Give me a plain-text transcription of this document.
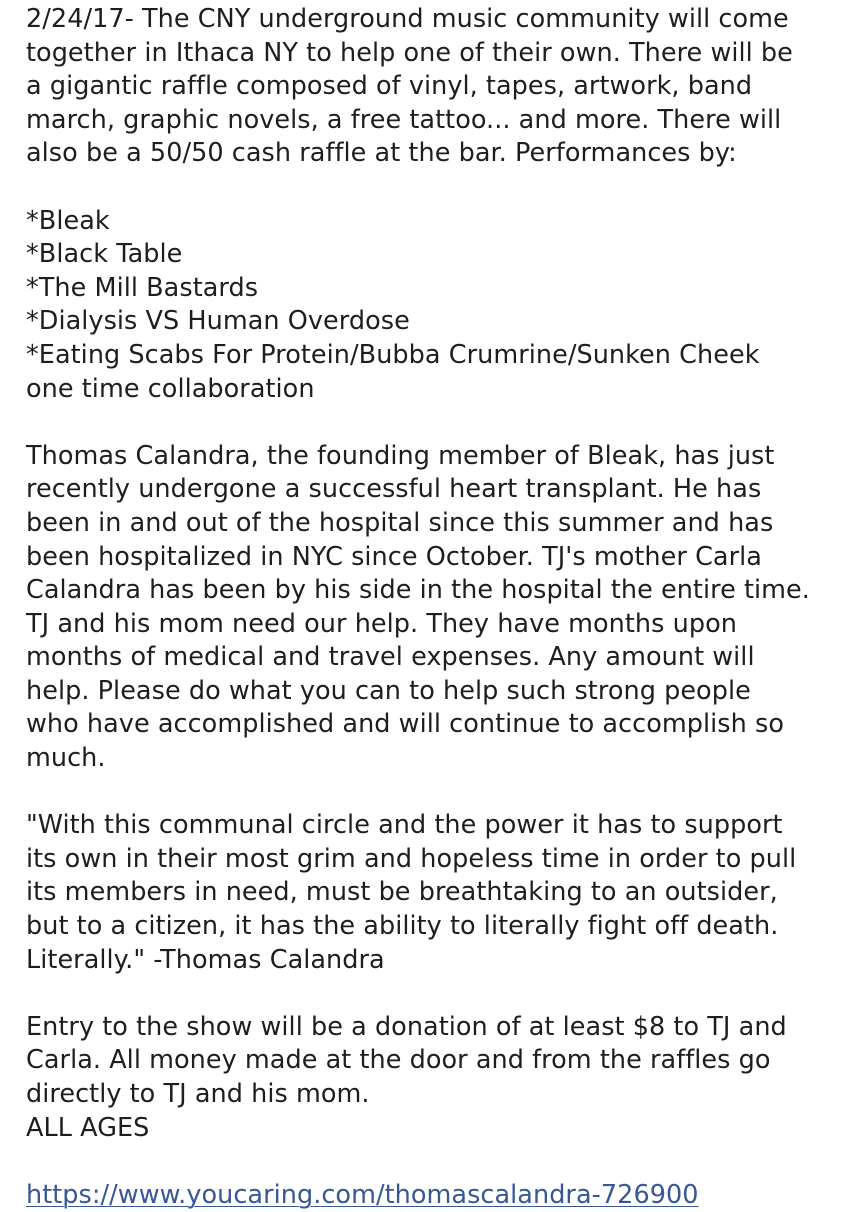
2/24/17- The CNY underground music community will come

together in Ithaca NY to help one of their own. There will be

a gigantic raffle composed of vinyl, tapes, artwork, band

march, graphic novels, a free tattoo... and more. There will

also be a 50/50 cash raffle at the bar. Performances by:

*Bleak

*Black Table

*The Mill Bastards

*Dialysis VS Human Overdose

*Eating Scabs For Protein/Bubba Crumrine/Sunken Cheek

one time collaboration

Thomas Calandra, the founding member of Bleak, has just

recently undergone a successful heart transplant. He has

been in and out of the hospital since this summer and has

been hospitalized in NYC since October. TJ's mother Carla

Calandra has been by his side in the hospital the entire time.

TJ and his mom need our help. They have months upon

months of medical and travel expenses. Any amount will

help. Please do what you can to help such strong people

who have accomplished and will continue to accomplish so

much.

"With this communal circle and the power it has to support

its own in their most grim and hopeless time in order to pull

its members in need, must be breathtaking to an outsider,

but to a citizen, it has the ability to literally fight off death.

Literally." -Thomas Calandra

Entry to the show will be a donation of at least $8 to TJ and

Carla. All money made at the door and from the raffles go

directly to TJ and his mom.

ALL AGES

https://www.youcaring.com/thomascalandra-726900
